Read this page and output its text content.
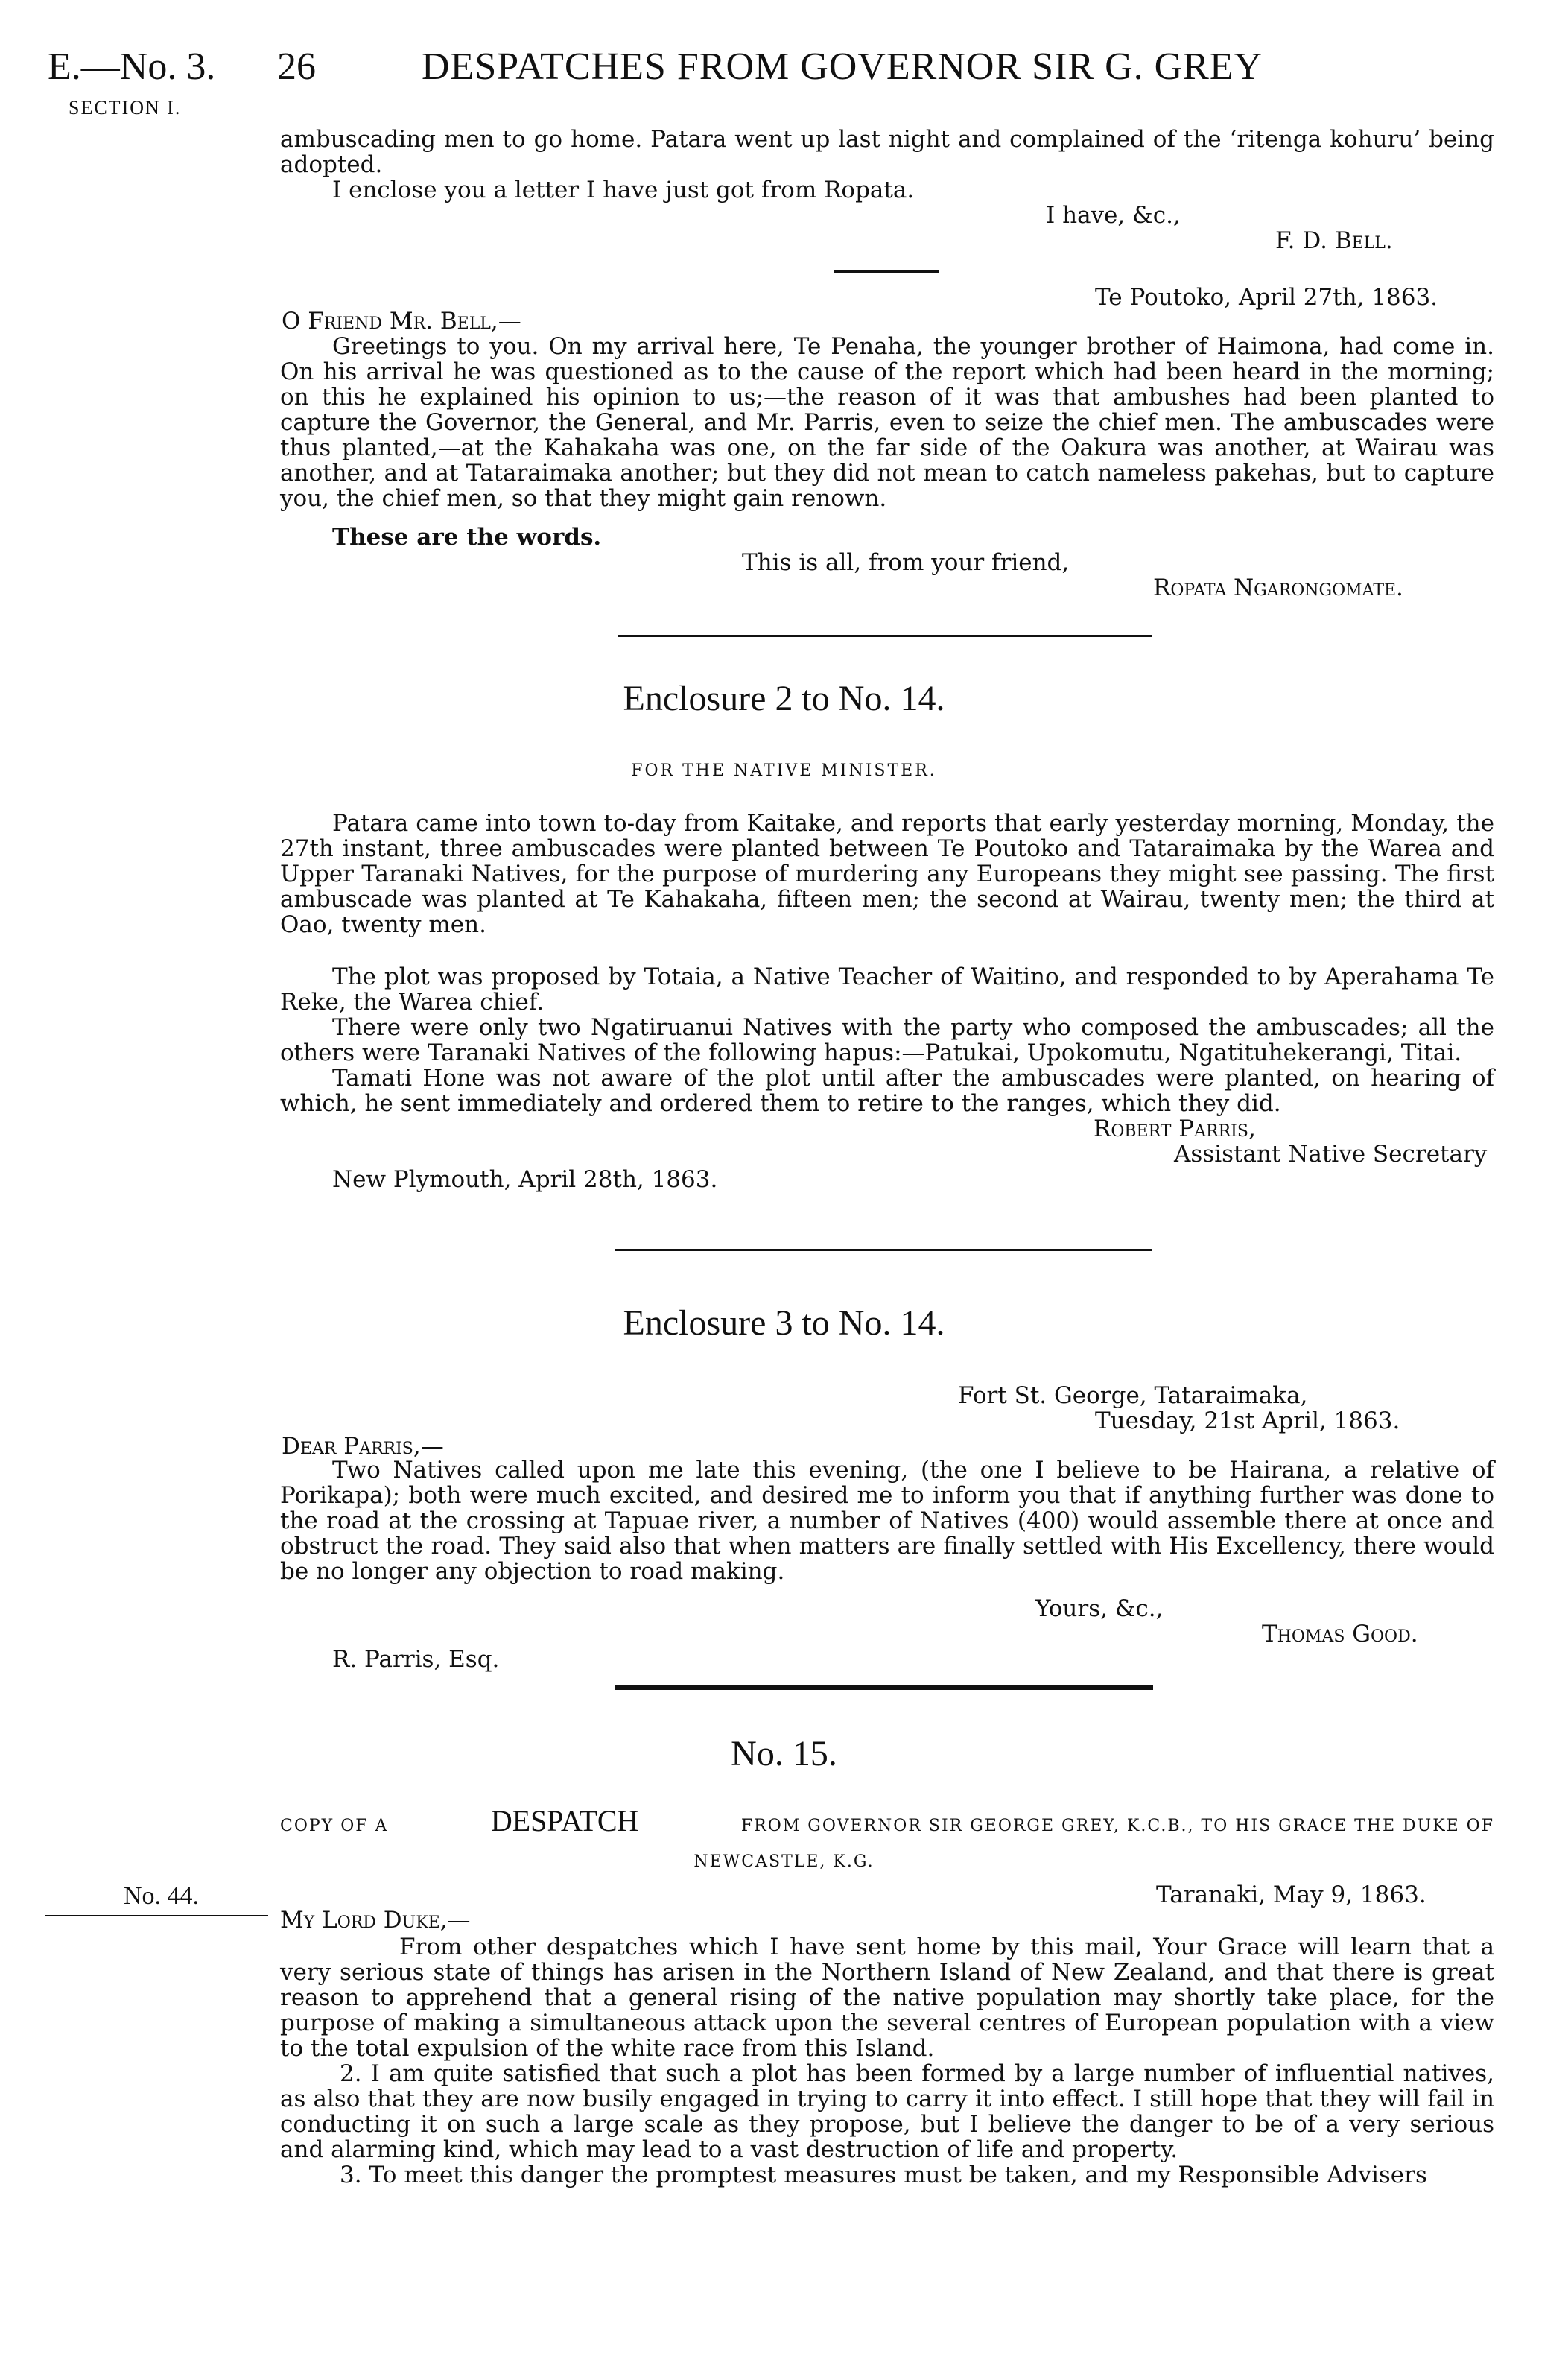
E.—No. 3.
SECTION I.
26	DESPATCHES FROM GOVERNOR SIR G. GREY
ambuscading men to go home. Patara went up last night and complained of the ‘ritenga kohuru’ being adopted.
I enclose you a letter I have just got from Ropata.
I have, &c.,
F. D. Bell.
Te Poutoko, April 27th, 1863.
O Friend Mr. Bell,—
Greetings to you. On my arrival here, Te Penaha, the younger brother of Haimona, had come in. On his arrival he was questioned as to the cause of the report which had been heard in the morning; on this he explained his opinion to us;—the reason of it was that ambushes had been planted to capture the Governor, the General, and Mr. Parris, even to seize the chief men. The ambuscades were thus planted,—at the Kahakaha was one, on the far side of the Oakura was another, at Wairau was another, and at Tataraimaka another; but they did not mean to catch nameless pakehas, but to capture you, the chief men, so that they might gain renown.
These are the words.
This is all, from your friend,
Ropata Ngarongomate.
Enclosure 2 to No. 14.
FOR THE NATIVE MINISTER.
Patara came into town to-day from Kaitake, and reports that early yesterday morning, Monday, the 27th instant, three ambuscades were planted between Te Poutoko and Tataraimaka by the Warea and Upper Taranaki Natives, for the purpose of murdering any Europeans they might see passing. The first ambuscade was planted at Te Kahakaha, fifteen men; the second at Wairau, twenty men; the third at Oao, twenty men.
The plot was proposed by Totaia, a Native Teacher of Waitino, and responded to by Aperahama Te Reke, the Warea chief.
There were only two Ngatiruanui Natives with the party who composed the ambuscades; all the others were Taranaki Natives of the following hapus:—Patukai, Upokomutu, Ngatituhekerangi, Titai.
Tamati Hone was not aware of the plot until after the ambuscades were planted, on hearing of which, he sent immediately and ordered them to retire to the ranges, which they did.
Robert Parris,
Assistant Native Secretary
New Plymouth, April 28th, 1863.
Enclosure 3 to No. 14.
Fort St. George, Tataraimaka,
Tuesday, 21st April, 1863.
Dear Parris,—
Two Natives called upon me late this evening, (the one I believe to be Hairana, a relative of Porikapa); both were much excited, and desired me to inform you that if anything further was done to the road at the crossing at Tapuae river, a number of Natives (400) would assemble there at once and obstruct the road. They said also that when matters are finally settled with His Excellency, there would be no longer any objection to road making.
Yours, &c.,
Thomas Good.
R. Parris, Esq.
No. 15.
COPY OF A	DESPATCH	FROM GOVERNOR SIR GEORGE GREY, K.C.B., TO HIS GRACE THE DUKE OF
NEWCASTLE, K.G.
No. 44.	Taranaki, May 9, 1863.
My Lord Duke,—
From other despatches which I have sent home by this mail, Your Grace will learn that a very serious state of things has arisen in the Northern Island of New Zealand, and that there is great reason to apprehend that a general rising of the native population may shortly take place, for the purpose of making a simultaneous attack upon the several centres of European population with a view to the total expulsion of the white race from this Island.
2. I am quite satisfied that such a plot has been formed by a large number of influential natives, as also that they are now busily engaged in trying to carry it into effect. I still hope that they will fail in conducting it on such a large scale as they propose, but I believe the danger to be of a very serious and alarming kind, which may lead to a vast destruction of life and property.
3. To meet this danger the promptest measures must be taken, and my Responsible Advisers
